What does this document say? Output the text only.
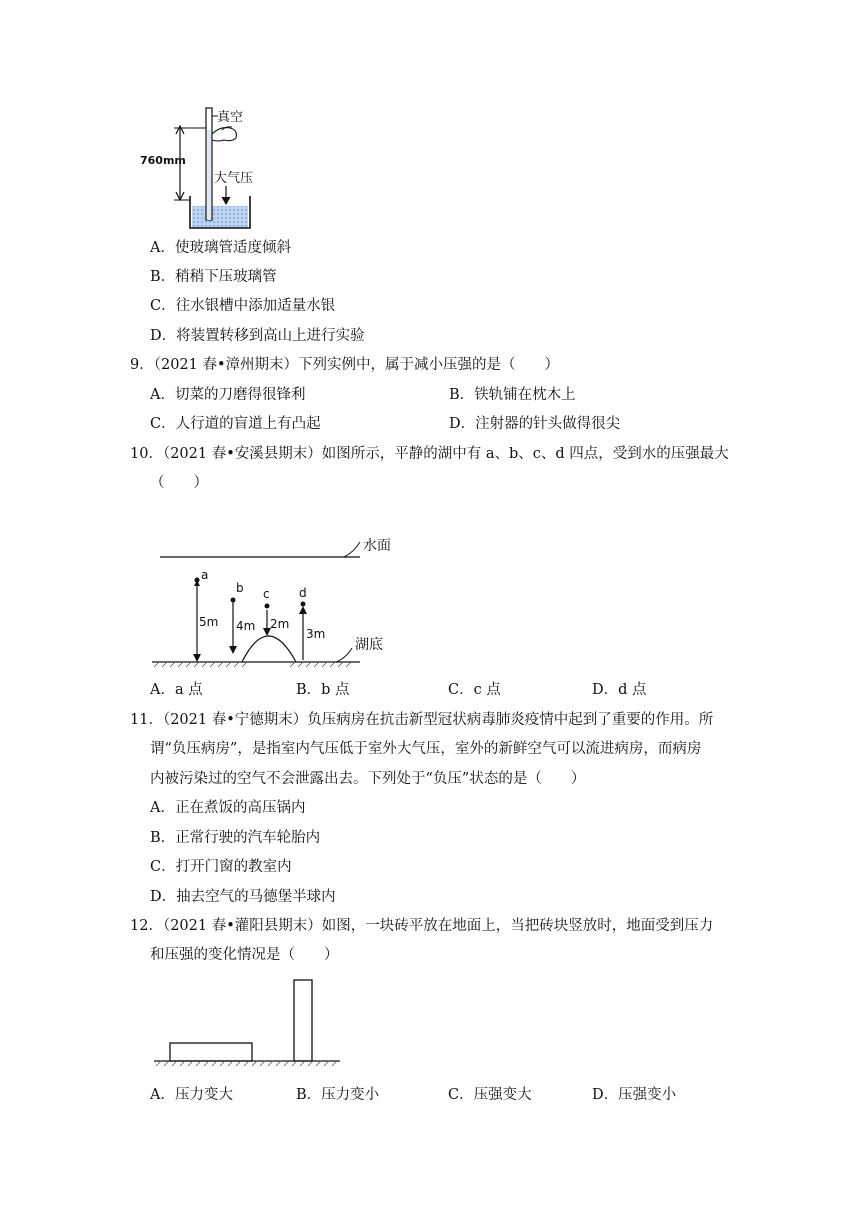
真空
760mm
大气压
A．使玻璃管适度倾斜
B．稍稍下压玻璃管
C．往水银槽中添加适量水银
D．将装置转移到高山上进行实验
9．（2021 春•漳州期末）下列实例中，属于减小压强的是（　　）
A．切菜的刀磨得很锋利	B．铁轨铺在枕木上
C．人行道的盲道上有凸起	D．注射器的针头做得很尖
10．（2021 春•安溪县期末）如图所示，平静的湖中有 a、b、c、d 四点，受到水的压强最大
（　　）
水面
湖底
a
5m
b
4m
c
2m
d
3m
A．a 点	B．b 点	C．c 点	D．d 点
11．（2021 春•宁德期末）负压病房在抗击新型冠状病毒肺炎疫情中起到了重要的作用。所
谓“负压病房”，是指室内气压低于室外大气压，室外的新鲜空气可以流进病房，而病房
内被污染过的空气不会泄露出去。下列处于“负压”状态的是（　　）
A．正在煮饭的高压锅内
B．正常行驶的汽车轮胎内
C．打开门窗的教室内
D．抽去空气的马德堡半球内
12．（2021 春•灌阳县期末）如图，一块砖平放在地面上，当把砖块竖放时，地面受到压力
和压强的变化情况是（　　）
A．压力变大	B．压力变小	C．压强变大	D．压强变小
